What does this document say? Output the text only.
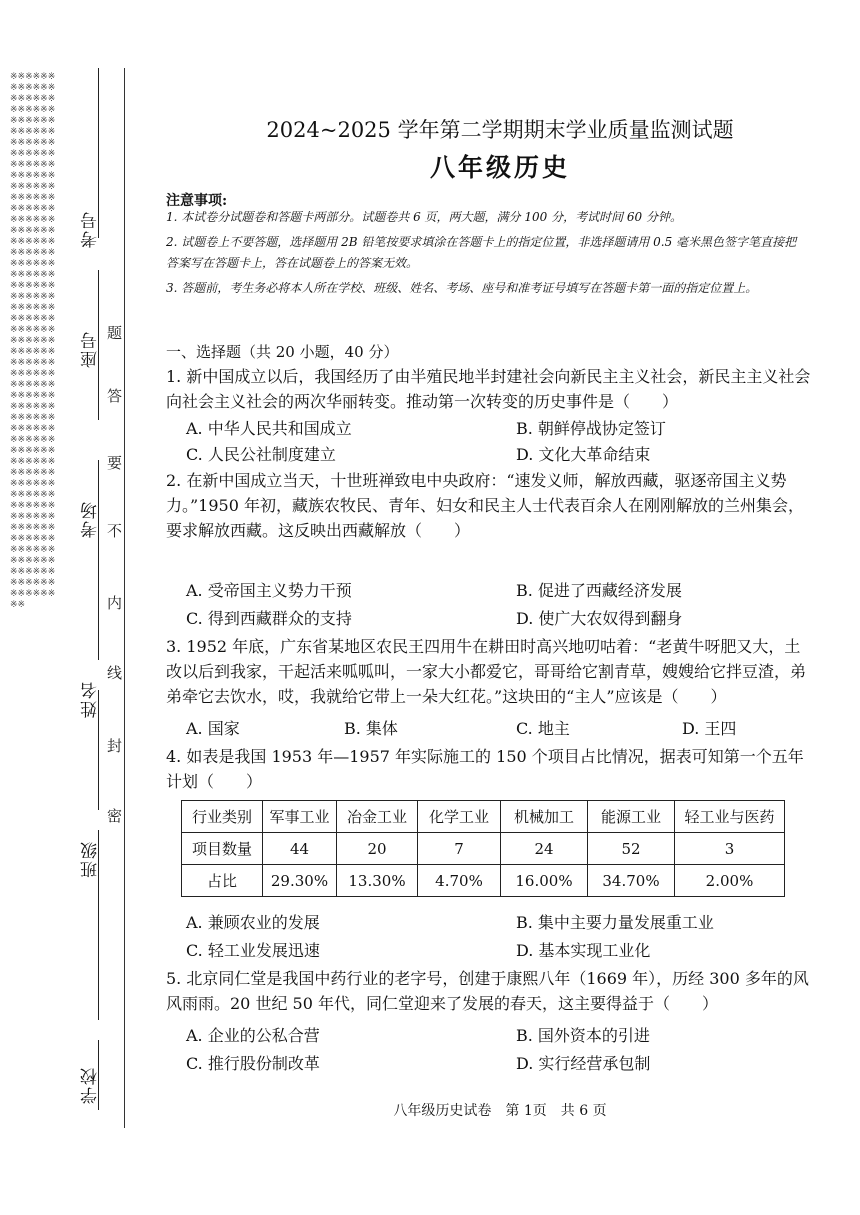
※※※※※※※※※※※※※※※※※※※※※※※※※※※※※※※※※※※※※※※※※※※※※※※※※※※※※※※※※※※※※※※※※※※※※※※※※※※※※※※※※※※※※※※※※※※※※※※※※※※※※※※※※※※※※※※※※※※※※※※※※※※※※※※※※※※※※※※※※※※※※※※※※※※※※※※※※※※※※※※※※※※※※※※※※※※※※※※※※※※※※※※※※※※※※※※※※※※※※※※※※※※※※※※※※※※※※※※※※※※※※※※※※※※※※※※※※※※※※※※※※※※※※※※※※※※※※※※※※※※※※※※※※※※※※※※※※※※※※※※※※※※※※※※※※※
考号
座号
考场
姓名
班级
学校
题
答
要
不
内
线
封
密
2024~2025 学年第二学期期末学业质量监测试题
八年级历史
注意事项:
1. 本试卷分试题卷和答题卡两部分。试题卷共 6 页，两大题，满分 100 分，考试时间 60 分钟。
2. 试题卷上不要答题，选择题用 2B 铅笔按要求填涂在答题卡上的指定位置，非选择题请用 0.5 毫米黑色签字笔直接把答案写在答题卡上，答在试题卷上的答案无效。
3. 答题前，考生务必将本人所在学校、班级、姓名、考场、座号和准考证号填写在答题卡第一面的指定位置上。
一、选择题（共 20 小题，40 分）
1. 新中国成立以后，我国经历了由半殖民地半封建社会向新民主主义社会，新民主主义社会向社会主义社会的两次华丽转变。推动第一次转变的历史事件是（　　）
A. 中华人民共和国成立	B. 朝鲜停战协定签订
C. 人民公社制度建立	D. 文化大革命结束
2. 在新中国成立当天，十世班禅致电中央政府：“速发义师，解放西藏，驱逐帝国主义势力。”1950 年初，藏族农牧民、青年、妇女和民主人士代表百余人在刚刚解放的兰州集会，要求解放西藏。这反映出西藏解放（　　）
A. 受帝国主义势力干预	B. 促进了西藏经济发展
C. 得到西藏群众的支持	D. 使广大农奴得到翻身
3. 1952 年底，广东省某地区农民王四用牛在耕田时高兴地叨咕着：“老黄牛呀肥又大，土改以后到我家，干起活来呱呱叫，一家大小都爱它，哥哥给它割青草，嫂嫂给它拌豆渣，弟弟牵它去饮水，哎，我就给它带上一朵大红花。”这块田的“主人”应该是（　　）
A. 国家	B. 集体	C. 地主	D. 王四
4. 如表是我国 1953 年—1957 年实际施工的 150 个项目占比情况，据表可知第一个五年计划（　　）
行业类别	军事工业	冶金工业	化学工业	机械加工	能源工业	轻工业与医药
项目数量	44	20	7	24	52	3
占比	29.30%	13.30%	4.70%	16.00%	34.70%	2.00%
A. 兼顾农业的发展	B. 集中主要力量发展重工业
C. 轻工业发展迅速	D. 基本实现工业化
5. 北京同仁堂是我国中药行业的老字号，创建于康熙八年（1669 年），历经 300 多年的风风雨雨。20 世纪 50 年代，同仁堂迎来了发展的春天，这主要得益于（　　）
A. 企业的公私合营	B. 国外资本的引进
C. 推行股份制改革	D. 实行经营承包制
八年级历史试卷　第 1页　共 6 页
